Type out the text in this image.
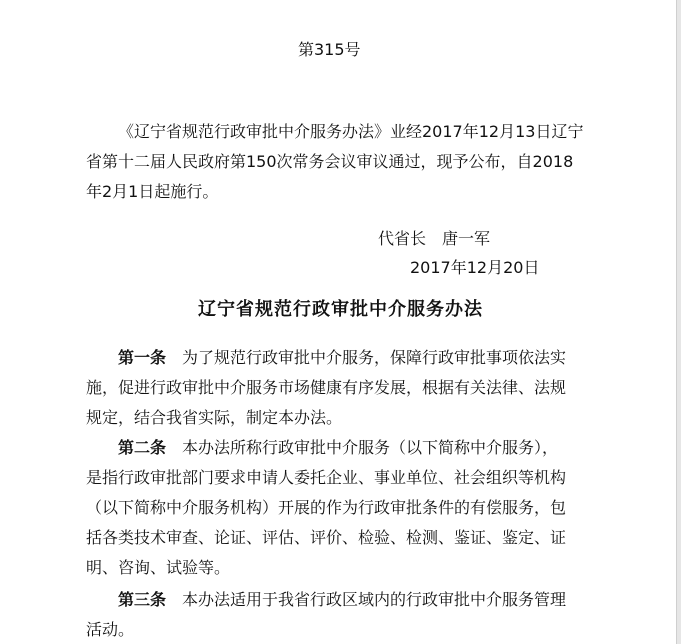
第315号
《辽宁省规范行政审批中介服务办法》业经2017年12月13日辽宁
省第十二届人民政府第150次常务会议审议通过，现予公布，自2018
年2月1日起施行。
代省长　唐一军
2017年12月20日
辽宁省规范行政审批中介服务办法
第一条　为了规范行政审批中介服务，保障行政审批事项依法实
施，促进行政审批中介服务市场健康有序发展，根据有关法律、法规
规定，结合我省实际，制定本办法。
第二条　本办法所称行政审批中介服务（以下简称中介服务），
是指行政审批部门要求申请人委托企业、事业单位、社会组织等机构
（以下简称中介服务机构）开展的作为行政审批条件的有偿服务，包
括各类技术审查、论证、评估、评价、检验、检测、鉴证、鉴定、证
明、咨询、试验等。
第三条　本办法适用于我省行政区域内的行政审批中介服务管理
活动。
